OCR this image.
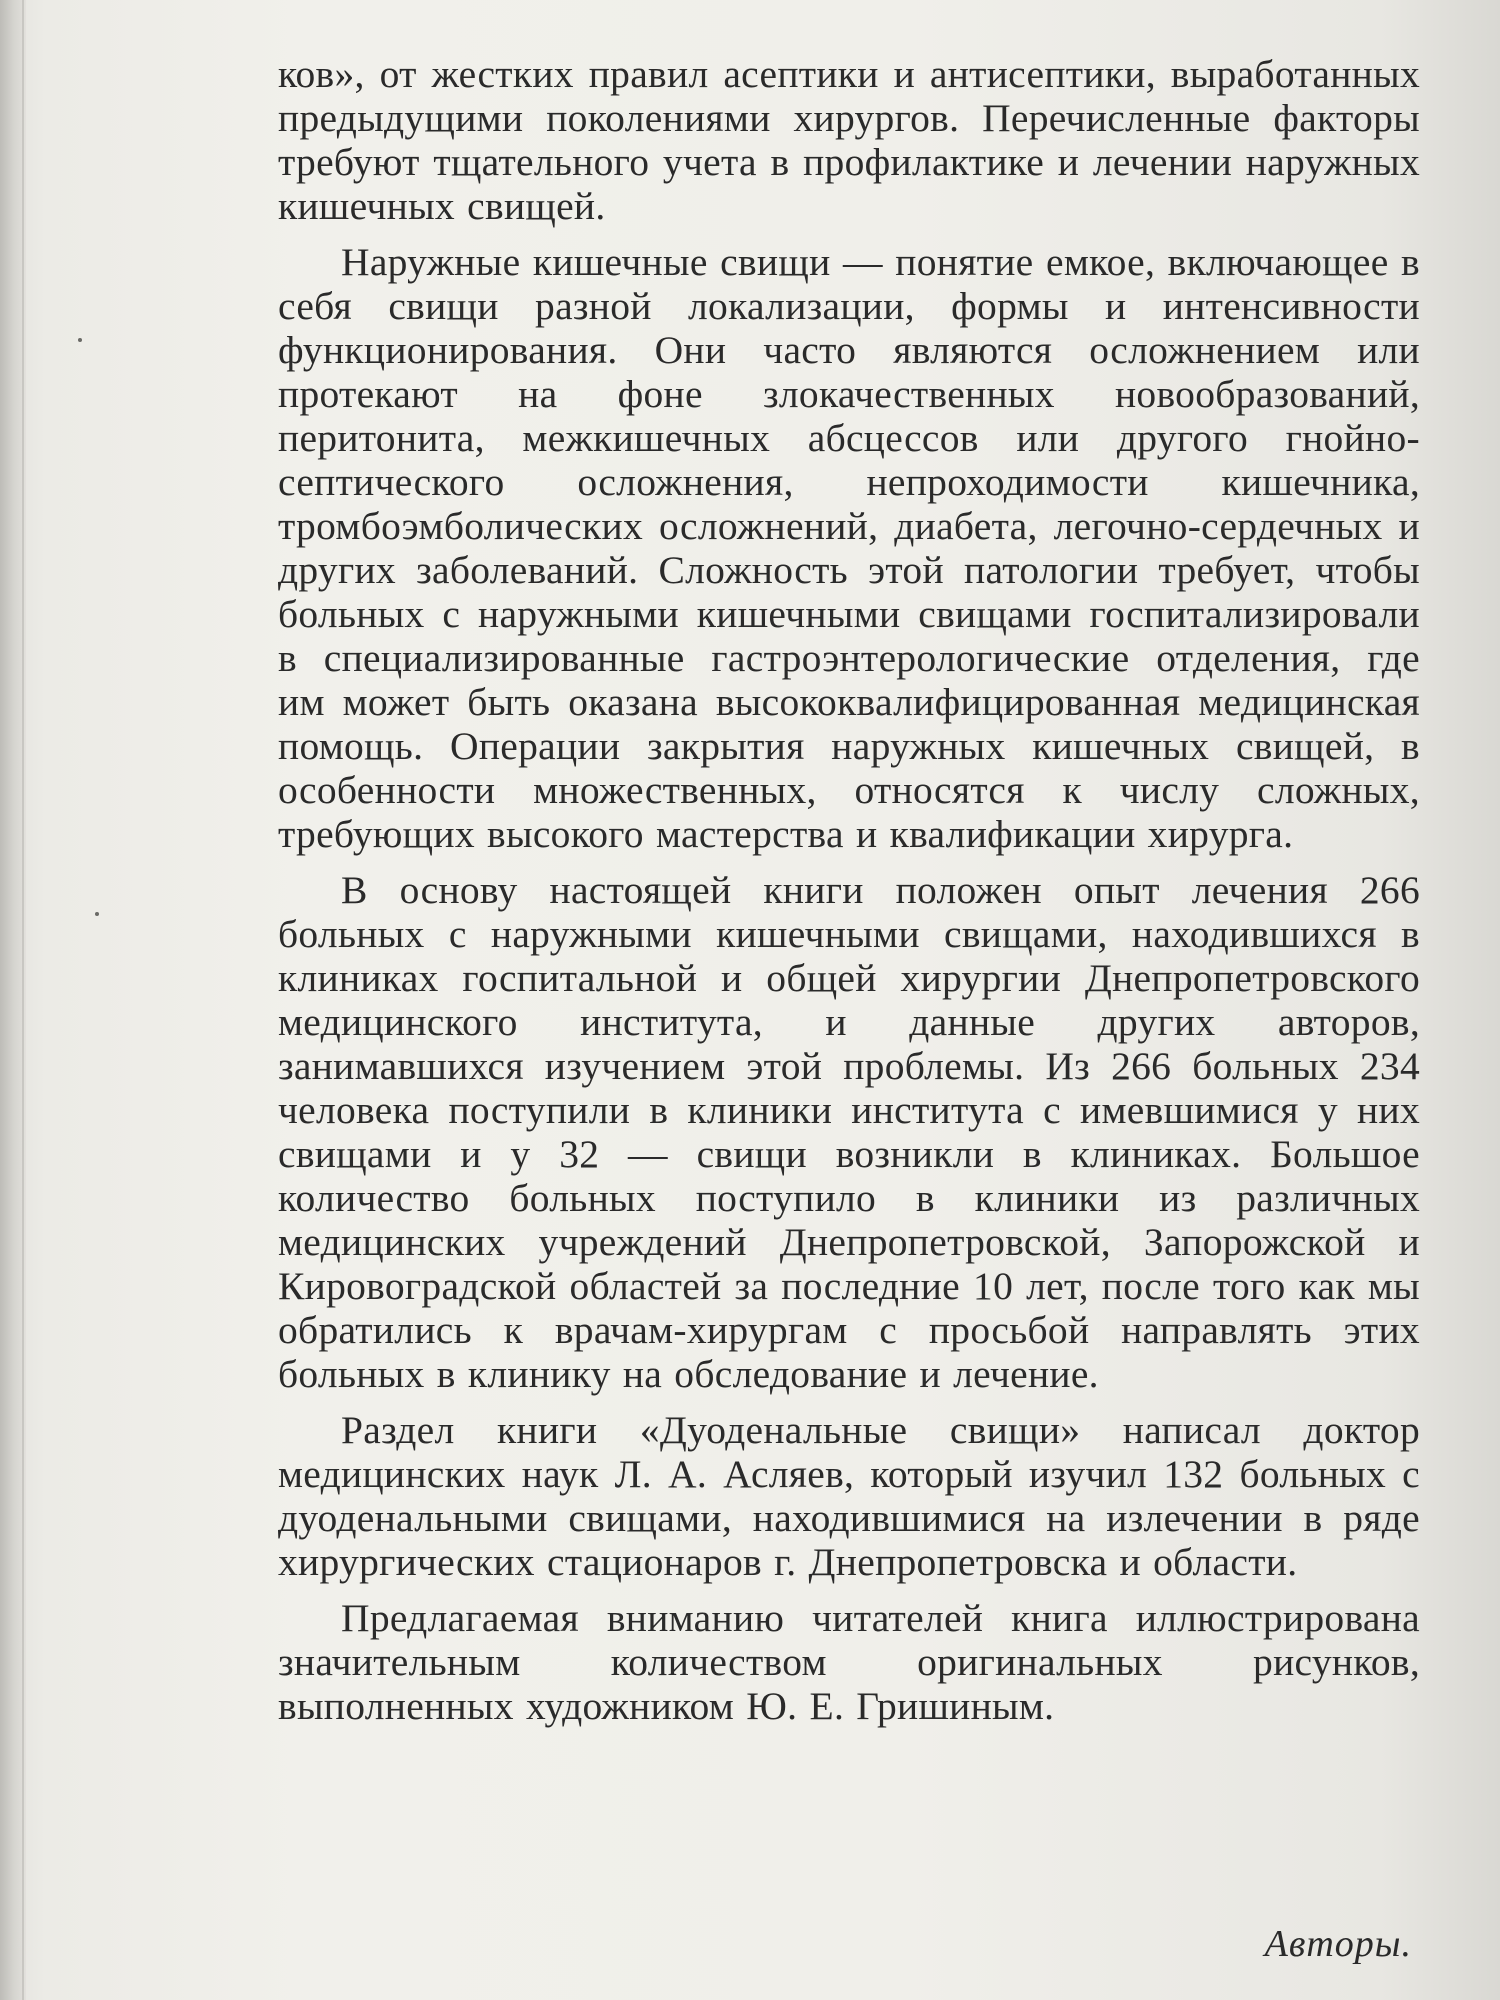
ков», от жестких правил асептики и антисептики, выработанных предыдущими поколениями хирургов. Перечисленные факторы требуют тщательного учета в профилактике и лечении наружных кишечных свищей.

Наружные кишечные свищи — понятие емкое, включающее в себя свищи разной локализации, формы и интенсивности функционирования. Они часто являются осложнением или протекают на фоне злокачественных новообразований, перитонита, межкишечных абсцессов или другого гнойно-септического осложнения, непроходимости кишечника, тромбоэмболических осложнений, диабета, легочно-сердечных и других заболеваний. Сложность этой патологии требует, чтобы больных с наружными кишечными свищами госпитализировали в специализированные гастроэнтерологические отделения, где им может быть оказана высококвалифицированная медицинская помощь. Операции закрытия наружных кишечных свищей, в особенности множественных, относятся к числу сложных, требующих высокого мастерства и квалификации хирурга.

В основу настоящей книги положен опыт лечения 266 больных с наружными кишечными свищами, находившихся в клиниках госпитальной и общей хирургии Днепропетровского медицинского института, и данные других авторов, занимавшихся изучением этой проблемы. Из 266 больных 234 человека поступили в клиники института с имевшимися у них свищами и у 32 — свищи возникли в клиниках. Большое количество больных поступило в клиники из различных медицинских учреждений Днепропетровской, Запорожской и Кировоградской областей за последние 10 лет, после того как мы обратились к врачам-хирургам с просьбой направлять этих больных в клинику на обследование и лечение.

Раздел книги «Дуоденальные свищи» написал доктор медицинских наук Л. А. Асляев, который изучил 132 больных с дуоденальными свищами, находившимися на излечении в ряде хирургических стационаров г. Днепропетровска и области.

Предлагаемая вниманию читателей книга иллюстрирована значительным количеством оригинальных рисунков, выполненных художником Ю. Е. Гришиным.

Авторы.
